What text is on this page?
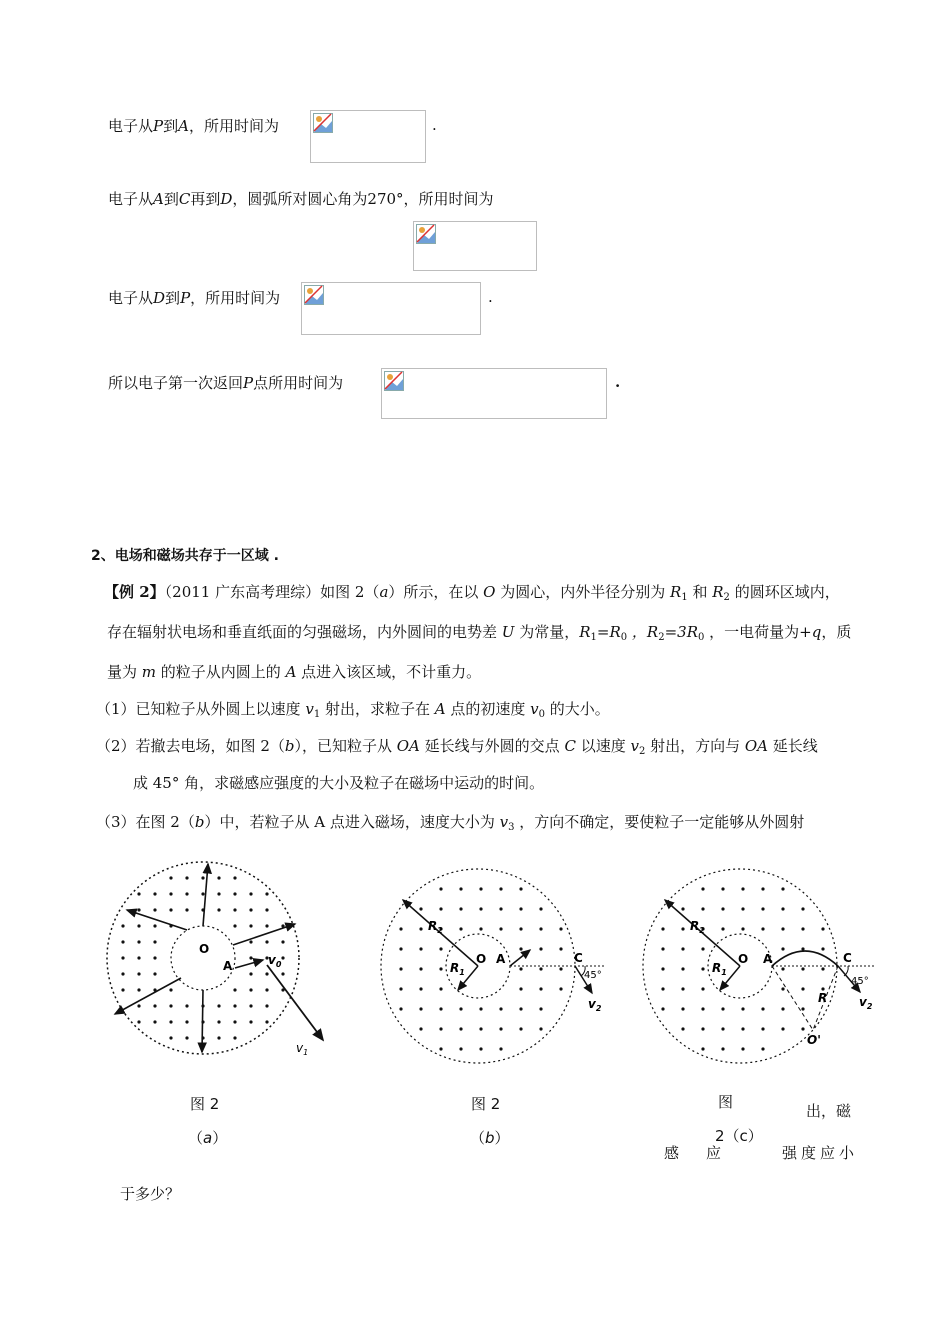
电子从P到A，所用时间为	.
电子从A到C再到D，圆弧所对圆心角为270°，所用时间为
电子从D到P，所用时间为	.
所以电子第一次返回P点所用时间为	.
2、电场和磁场共存于一区域 .
【例 2】（2011 广东高考理综）如图 2（a）所示，在以 O 为圆心，内外半径分别为 $R_1$ 和 $R_2$ 的圆环区域内，
存在辐射状电场和垂直纸面的匀强磁场，内外圆间的电势差 U 为常量，$R_1=R_0$ ，$R_2=3R_0$ ，一电荷量为+q，质
量为 m 的粒子从内圆上的 A 点进入该区域，不计重力。
（1）已知粒子从外圆上以速度 $v_1$ 射出，求粒子在 A 点的初速度 $v_0$ 的大小。
（2）若撤去电场，如图 2（b），已知粒子从 OA 延长线与外圆的交点 C 以速度 $v_2$ 射出，方向与 OA 延长线
成 45° 角，求磁感应强度的大小及粒子在磁场中运动的时间。
（3）在图 2（b）中，若粒子从 A 点进入磁场，速度大小为 $v_3$ ，方向不确定，要使粒子一定能够从外圆射
O
A	$v_0$
$v_1$
图 2
（a）
$R_2$
$R_1$
O A	C
45°
$v_2$
图 2
（b）
$R_2$
$R_1$
O A	C
45°
R
O'
$v_2$
图
2（c）
出，磁
感 应	强度应小
于多少？
